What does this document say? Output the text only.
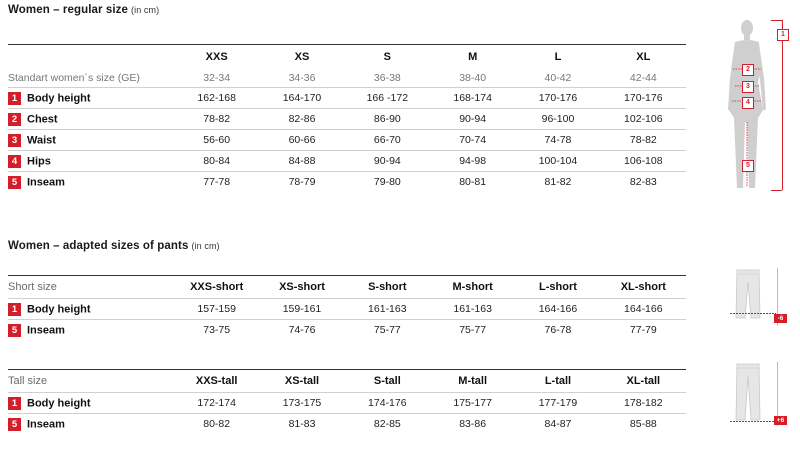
Women – regular size (in cm)
	XXS	XS	S	M	L	XL
Standart women´s size (GE)	32-34	34-36	36-38	38-40	40-42	42-44
1 Body height	162-168	164-170	166 -172	168-174	170-176	170-176
2 Chest	78-82	82-86	86-90	90-94	96-100	102-106
3 Waist	56-60	60-66	66-70	70-74	74-78	78-82
4 Hips	80-84	84-88	90-94	94-98	100-104	106-108
5 Inseam	77-78	78-79	79-80	80-81	81-82	82-83
1
2
3
4
5
Women – adapted sizes of pants (in cm)
Short size	XXS-short	XS-short	S-short	M-short	L-short	XL-short
1 Body height	157-159	159-161	161-163	161-163	164-166	164-166
5 Inseam	73-75	74-76	75-77	75-77	76-78	77-79
-6
Tall size	XXS-tall	XS-tall	S-tall	M-tall	L-tall	XL-tall
1 Body height	172-174	173-175	174-176	175-177	177-179	178-182
5 Inseam	80-82	81-83	82-85	83-86	84-87	85-88	+6
